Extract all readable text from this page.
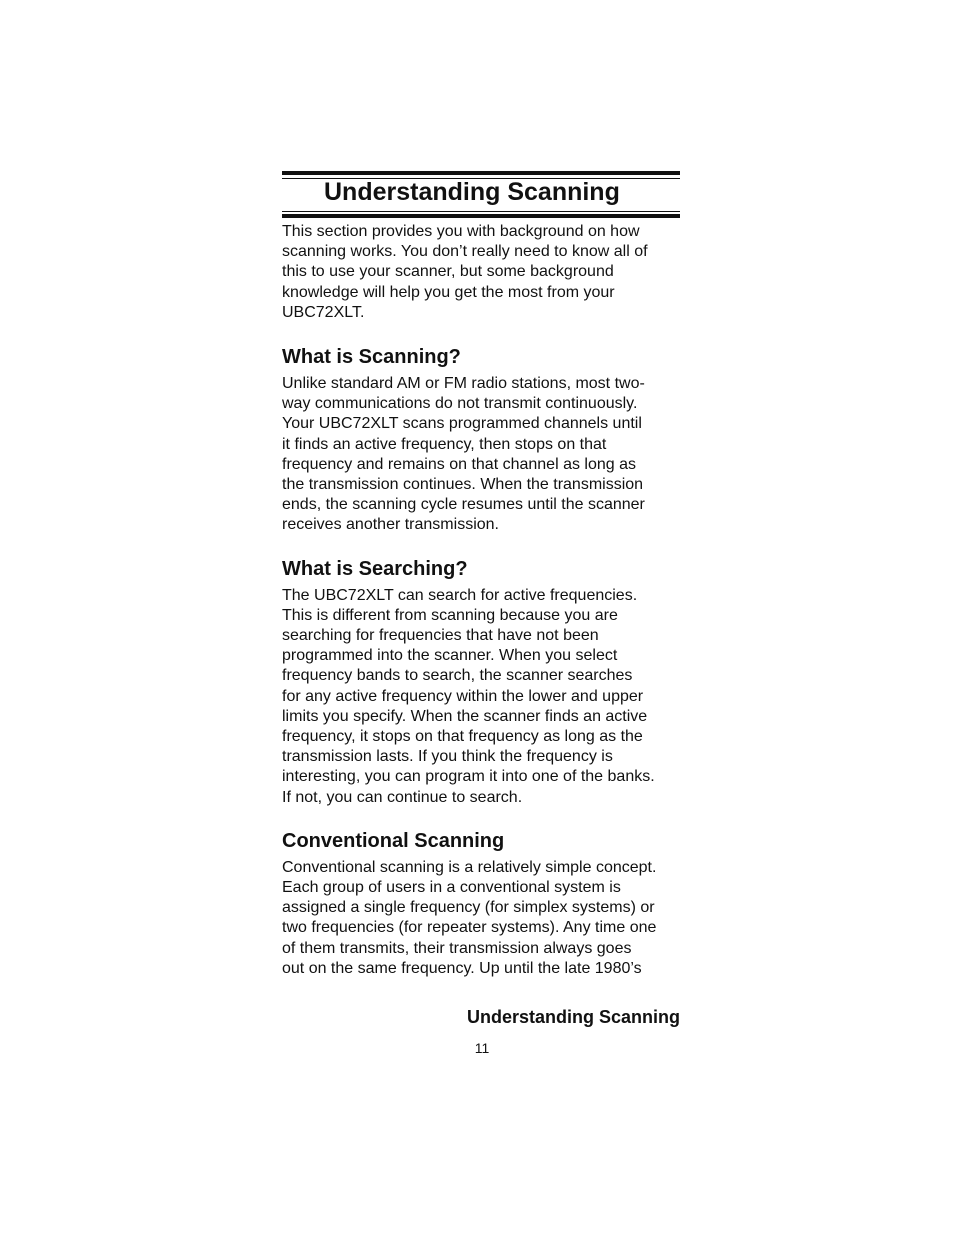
Understanding Scanning

This section provides you with background on how
scanning works. You don’t really need to know all of
this to use your scanner, but some background
knowledge will help you get the most from your
UBC72XLT.

What is Scanning?

Unlike standard AM or FM radio stations, most two-
way communications do not transmit continuously.
Your UBC72XLT scans programmed channels until
it finds an active frequency, then stops on that
frequency and remains on that channel as long as
the transmission continues. When the transmission
ends, the scanning cycle resumes until the scanner
receives another transmission.

What is Searching?

The UBC72XLT can search for active frequencies.
This is different from scanning because you are
searching for frequencies that have not been
programmed into the scanner. When you select
frequency bands to search, the scanner searches
for any active frequency within the lower and upper
limits you specify. When the scanner finds an active
frequency, it stops on that frequency as long as the
transmission lasts. If you think the frequency is
interesting, you can program it into one of the banks.
If not, you can continue to search.

Conventional Scanning

Conventional scanning is a relatively simple concept.
Each group of users in a conventional system is
assigned a single frequency (for simplex systems) or
two frequencies (for repeater systems). Any time one
of them transmits, their transmission always goes
out on the same frequency. Up until the late 1980’s

Understanding Scanning
11
